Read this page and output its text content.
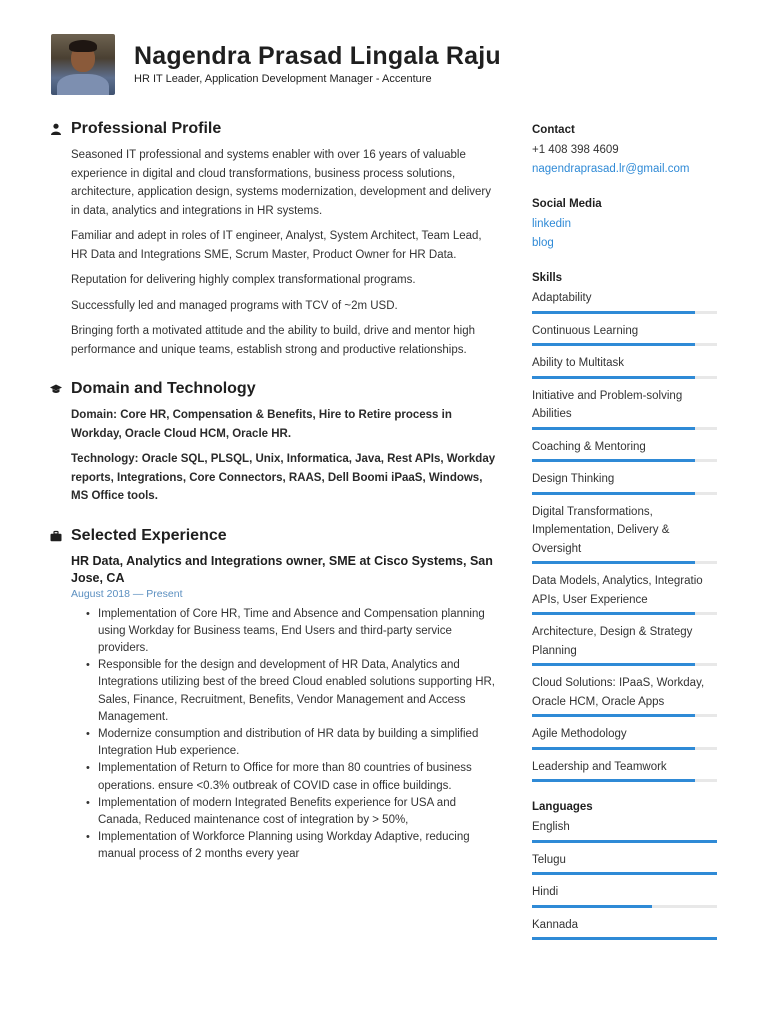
Nagendra Prasad Lingala Raju
HR IT Leader, Application Development Manager - Accenture
Professional Profile

Seasoned IT professional and systems enabler with over 16 years of valuable experience in digital and cloud transformations, business process solutions, architecture, application design, systems modernization, development and delivery in data, analytics and integrations in HR systems.

Familiar and adept in roles of IT engineer, Analyst, System Architect, Team Lead, HR Data and Integrations SME, Scrum Master, Product Owner for HR Data.

Reputation for delivering highly complex transformational programs.

Successfully led and managed programs with TCV of ~2m USD.

Bringing forth a motivated attitude and the ability to build, drive and mentor high performance and unique teams, establish strong and productive relationships.

Domain and Technology

Domain: Core HR, Compensation & Benefits, Hire to Retire process in Workday, Oracle Cloud HCM, Oracle HR.

Technology: Oracle SQL, PLSQL, Unix, Informatica, Java, Rest APIs, Workday reports, Integrations, Core Connectors, RAAS, Dell Boomi iPaaS, Windows, MS Office tools.

Selected Experience
HR Data, Analytics and Integrations owner, SME at Cisco Systems, San Jose, CA
August 2018 — Present
• Implementation of Core HR, Time and Absence and Compensation planning using Workday for Business teams, End Users and third-party service providers.
• Responsible for the design and development of HR Data, Analytics and Integrations utilizing best of the breed Cloud enabled solutions supporting HR, Sales, Finance, Recruitment, Benefits, Vendor Management and Access Management.
• Modernize consumption and distribution of HR data by building a simplified Integration Hub experience.
• Implementation of Return to Office for more than 80 countries of business operations. ensure <0.3% outbreak of COVID case in office buildings.
• Implementation of modern Integrated Benefits experience for USA and Canada, Reduced maintenance cost of integration by > 50%,
• Implementation of Workforce Planning using Workday Adaptive, reducing manual process of 2 months every year
Contact
+1 408 398 4609
nagendraprasad.lr@gmail.com
Social Media
linkedin
blog
Skills
Adaptability
Continuous Learning
Ability to Multitask
Initiative and Problem-solving Abilities
Coaching & Mentoring
Design Thinking
Digital Transformations, Implementation, Delivery & Oversight
Data Models, Analytics, Integratio APIs, User Experience
Architecture, Design & Strategy Planning
Cloud Solutions: IPaaS, Workday, Oracle HCM, Oracle Apps
Agile Methodology
Leadership and Teamwork
Languages
English
Telugu
Hindi
Kannada
